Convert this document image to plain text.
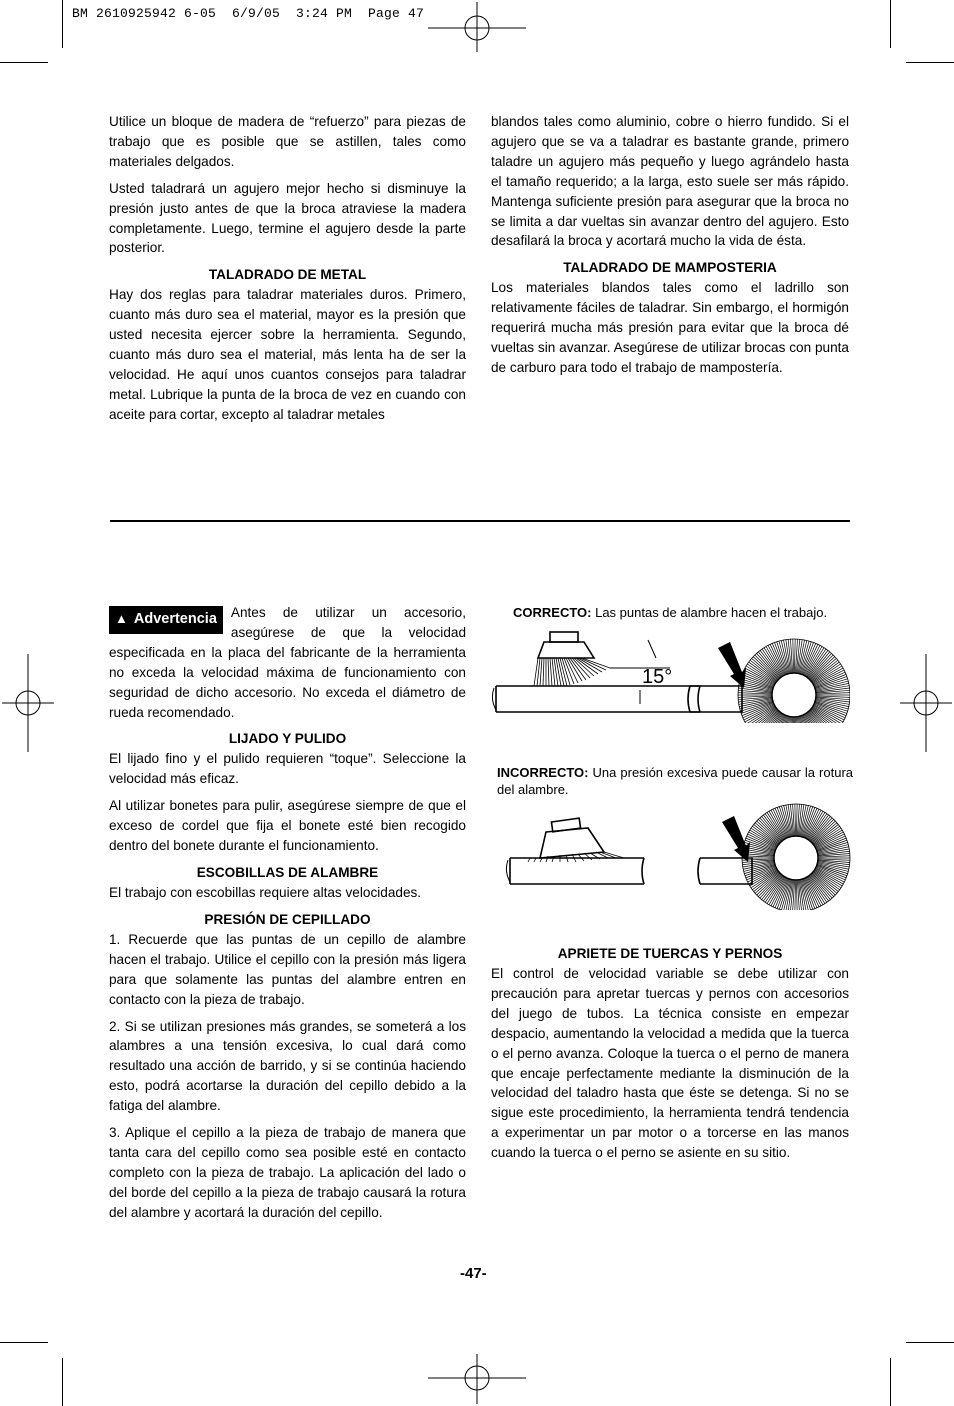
BM 2610925942 6-05  6/9/05  3:24 PM  Page 47

Utilice un bloque de madera de “refuerzo” para piezas de trabajo que es posible que se astillen, tales como materiales delgados.

Usted taladrará un agujero mejor hecho si disminuye la presión justo antes de que la broca atraviese la madera completamente. Luego, termine el agujero desde la parte posterior.

TALADRADO DE METAL

Hay dos reglas para taladrar materiales duros. Primero, cuanto más duro sea el material, mayor es la presión que usted necesita ejercer sobre la herramienta. Segundo, cuanto más duro sea el material, más lenta ha de ser la velocidad. He aquí unos cuantos consejos para taladrar metal. Lubrique la punta de la broca de vez en cuando con aceite para cortar, excepto al taladrar metales

blandos tales como aluminio, cobre o hierro fundido. Si el agujero que se va a taladrar es bastante grande, primero taladre un agujero más pequeño y luego agrándelo hasta el tamaño requerido; a la larga, esto suele ser más rápido. Mantenga suficiente presión para asegurar que la broca no se limita a dar vueltas sin avanzar dentro del agujero. Esto desafilará la broca y acortará mucho la vida de ésta.

TALADRADO DE MAMPOSTERIA

Los materiales blandos tales como el ladrillo son relativamente fáciles de taladrar. Sin embargo, el hormigón requerirá mucha más presión para evitar que la broca dé vueltas sin avanzar. Asegúrese de utilizar brocas con punta de carburo para todo el trabajo de mampostería.

▲ Advertencia	Antes de utilizar un accesorio, asegúrese de que la velocidad especificada en la placa del fabricante de la herramienta no exceda la velocidad máxima de funcionamiento con seguridad de dicho accesorio. No exceda el diámetro de rueda recomendado.

LIJADO Y PULIDO

El lijado fino y el pulido requieren “toque”. Seleccione la velocidad más eficaz.

Al utilizar bonetes para pulir, asegúrese siempre de que el exceso de cordel que fija el bonete esté bien recogido dentro del bonete durante el funcionamiento.

ESCOBILLAS DE ALAMBRE

El trabajo con escobillas requiere altas velocidades.

PRESIÓN DE CEPILLADO

1. Recuerde que las puntas de un cepillo de alambre hacen el trabajo. Utilice el cepillo con la presión más ligera para que solamente las puntas del alambre entren en contacto con la pieza de trabajo.

2. Si se utilizan presiones más grandes, se someterá a los alambres a una tensión excesiva, lo cual dará como resultado una acción de barrido, y si se continúa haciendo esto, podrá acortarse la duración del cepillo debido a la fatiga del alambre.

3. Aplique el cepillo a la pieza de trabajo de manera que tanta cara del cepillo como sea posible esté en contacto completo con la pieza de trabajo. La aplicación del lado o del borde del cepillo a la pieza de trabajo causará la rotura del alambre y acortará la duración del cepillo.

CORRECTO: Las puntas de alambre hacen el trabajo.
15°
INCORRECTO: Una presión excesiva puede causar la rotura del alambre.
APRIETE DE TUERCAS Y PERNOS

El control de velocidad variable se debe utilizar con precaución para apretar tuercas y pernos con accesorios del juego de tubos. La técnica consiste en empezar despacio, aumentando la velocidad a medida que la tuerca o el perno avanza. Coloque la tuerca o el perno de manera que encaje perfectamente mediante la disminución de la velocidad del taladro hasta que éste se detenga. Si no se sigue este procedimiento, la herramienta tendrá tendencia a experimentar un par motor o a torcerse en las manos cuando la tuerca o el perno se asiente en su sitio.

-47-
